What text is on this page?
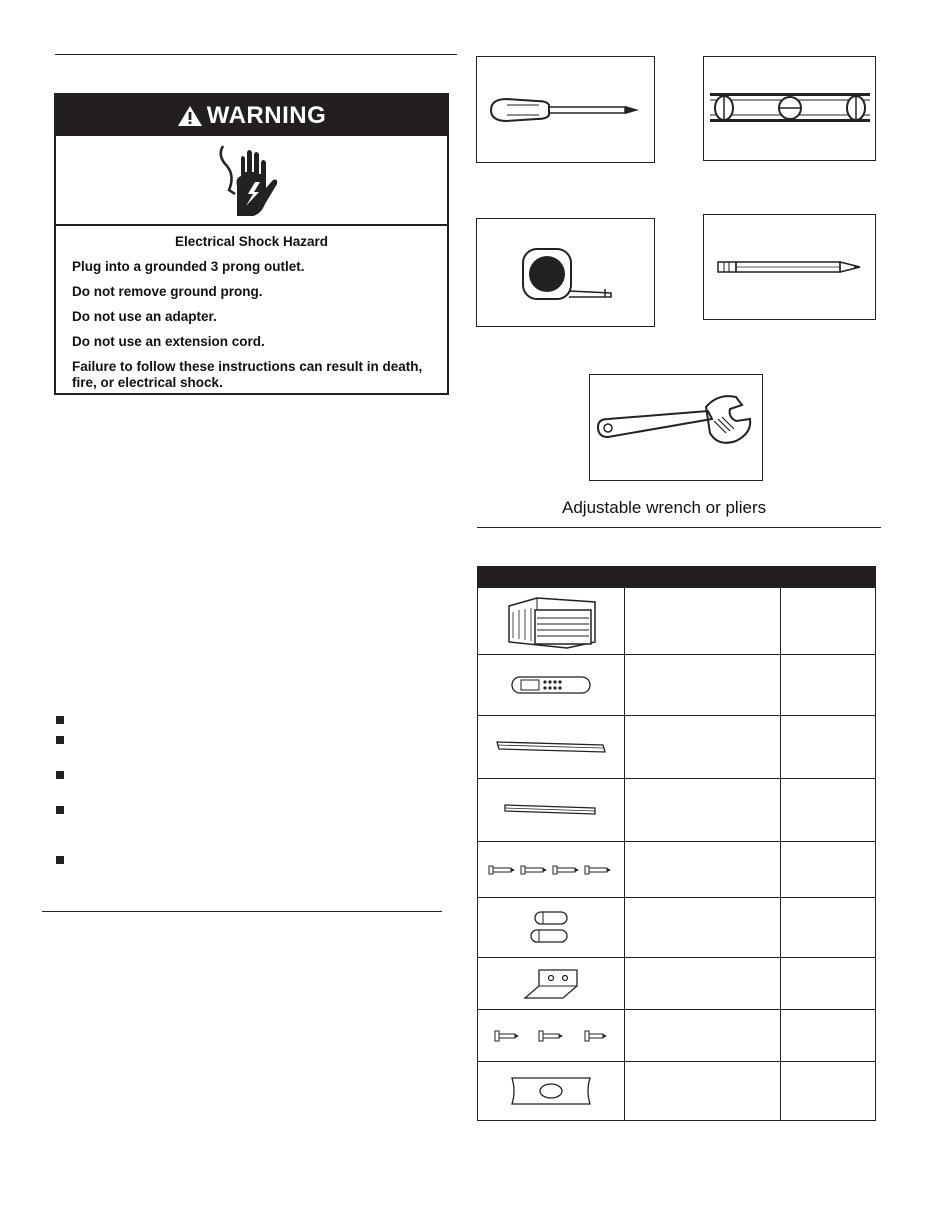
WARNING
Electrical Shock Hazard
Plug into a grounded 3 prong outlet.
Do not remove ground prong.
Do not use an adapter.
Do not use an extension cord.
Failure to follow these instructions can result in death, fire, or electrical shock.
Adjustable wrench or pliers
